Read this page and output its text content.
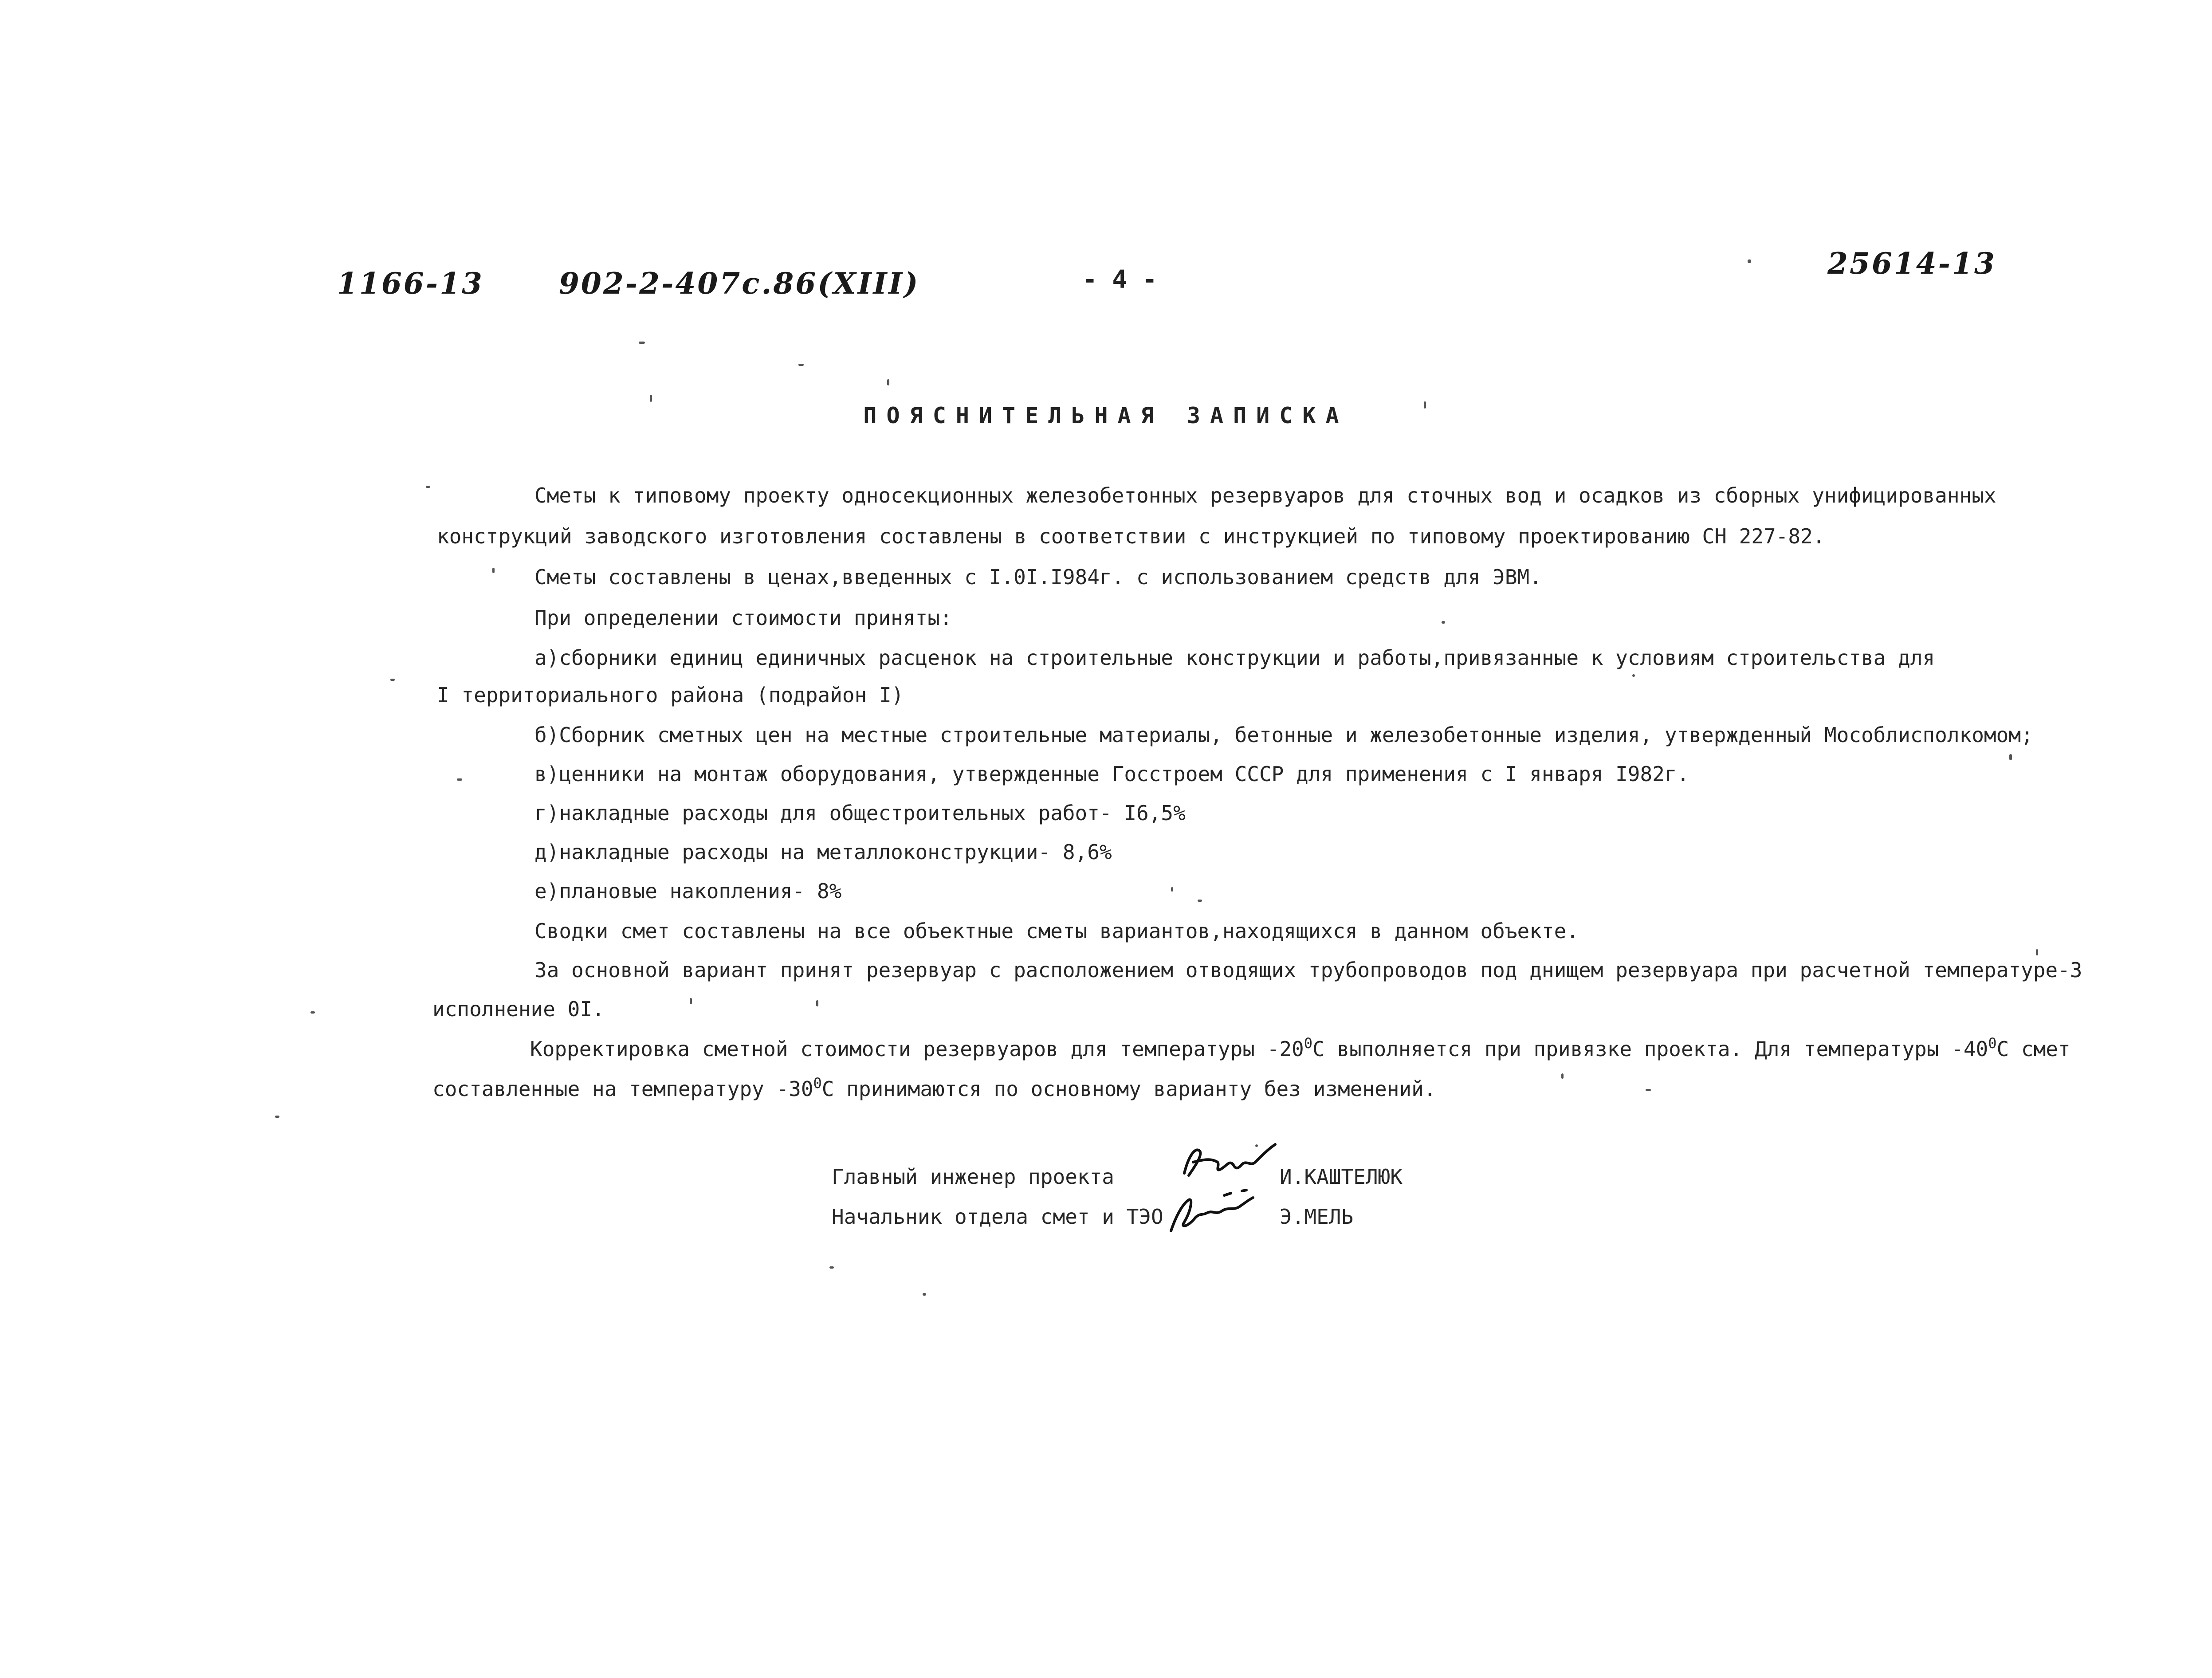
1166-13	902-2-407с.86(XIII)	- 4 -	25614-13
ПОЯСНИТЕЛЬНАЯ ЗАПИСКА
Сметы к типовому проекту односекционных железобетонных резервуаров для сточных вод и осадков из сборных унифицированных
конструкций заводского изготовления составлены в соответствии с инструкцией по типовому проектированию СН 227-82.
Сметы составлены в ценах,введенных с I.0I.I984г. с использованием средств для ЭВМ.
При определении стоимости приняты:
а)сборники единиц единичных расценок на строительные конструкции и работы,привязанные к условиям строительства для
I территориального района (подрайон I)
б)Сборник сметных цен на местные строительные материалы, бетонные и железобетонные изделия, утвержденный Мособлисполкомом;
в)ценники на монтаж оборудования, утвержденные Госстроем СССР для применения с I января I982г.
г)накладные расходы для общестроительных работ- I6,5%
д)накладные расходы на металлоконструкции- 8,6%
е)плановые накопления- 8%
Сводки смет составлены на все объектные сметы вариантов,находящихся в данном объекте.
За основной вариант принят резервуар с расположением отводящих трубопроводов под днищем резервуара при расчетной температуре-3
исполнение 0I.
Корректировка сметной стоимости резервуаров для температуры $-20^0С$ выполняется при привязке проекта. Для температуры $-40^0С$ смет
составленные на температуру $-30^0С$ принимаются по основному варианту без изменений.
Главный инженер проекта	И.КАШТЕЛЮК
Начальник отдела смет и ТЭО	Э.МЕЛЬ
